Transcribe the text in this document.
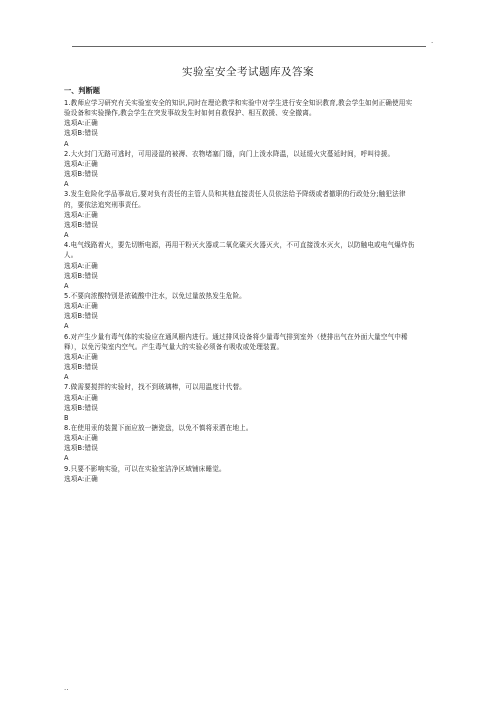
.
实验室安全考试题库及答案
一、判断题
1.教师应学习研究有关实验室安全的知识,同时在理论教学和实验中对学生进行安全知识教育,教会学生如何正确使用实验设备和实验操作,教会学生在突发事故发生时如何自救保护、相互救援、安全撤离。
选项A:正确
选项B:错误
A
2.大火封门无路可逃时，可用浸湿的被褥、衣物堵塞门缝，向门上泼水降温，以延缓火灾蔓延时间，呼叫待援。
选项A:正确
选项B:错误
A
3.发生危险化学品事故后,要对负有责任的主管人员和其他直接责任人员依法给予降级或者撤职的行政处分;触犯法律的，要依法追究刑事责任。
选项A:正确
选项B:错误
A
4.电气线路着火，要先切断电源，再用干粉灭火器或二氧化碳灭火器灭火，不可直接泼水灭火，以防触电或电气爆炸伤人。
选项A:正确
选项B:错误
A
5.不要向浓酸特别是浓硫酸中注水，以免过量放热发生危险。
选项A:正确
选项B:错误
A
6.对产生少量有毒气体的实验应在通风橱内进行。通过排风设备将少量毒气排到室外（使排出气在外面大量空气中稀释），以免污染室内空气。产生毒气量大的实验必须备有吸收或处理装置。
选项A:正确
选项B:错误
A
7.做需要搅拌的实验时，找不到玻璃棒，可以用温度计代替。
选项A:正确
选项B:错误
B
8.在使用汞的装置下面应放一搪瓷盘，以免不慎将汞洒在地上。
选项A:正确
选项B:错误
A
9.只要不影响实验，可以在实验室洁净区域铺床睡觉。
选项A:正确
..
